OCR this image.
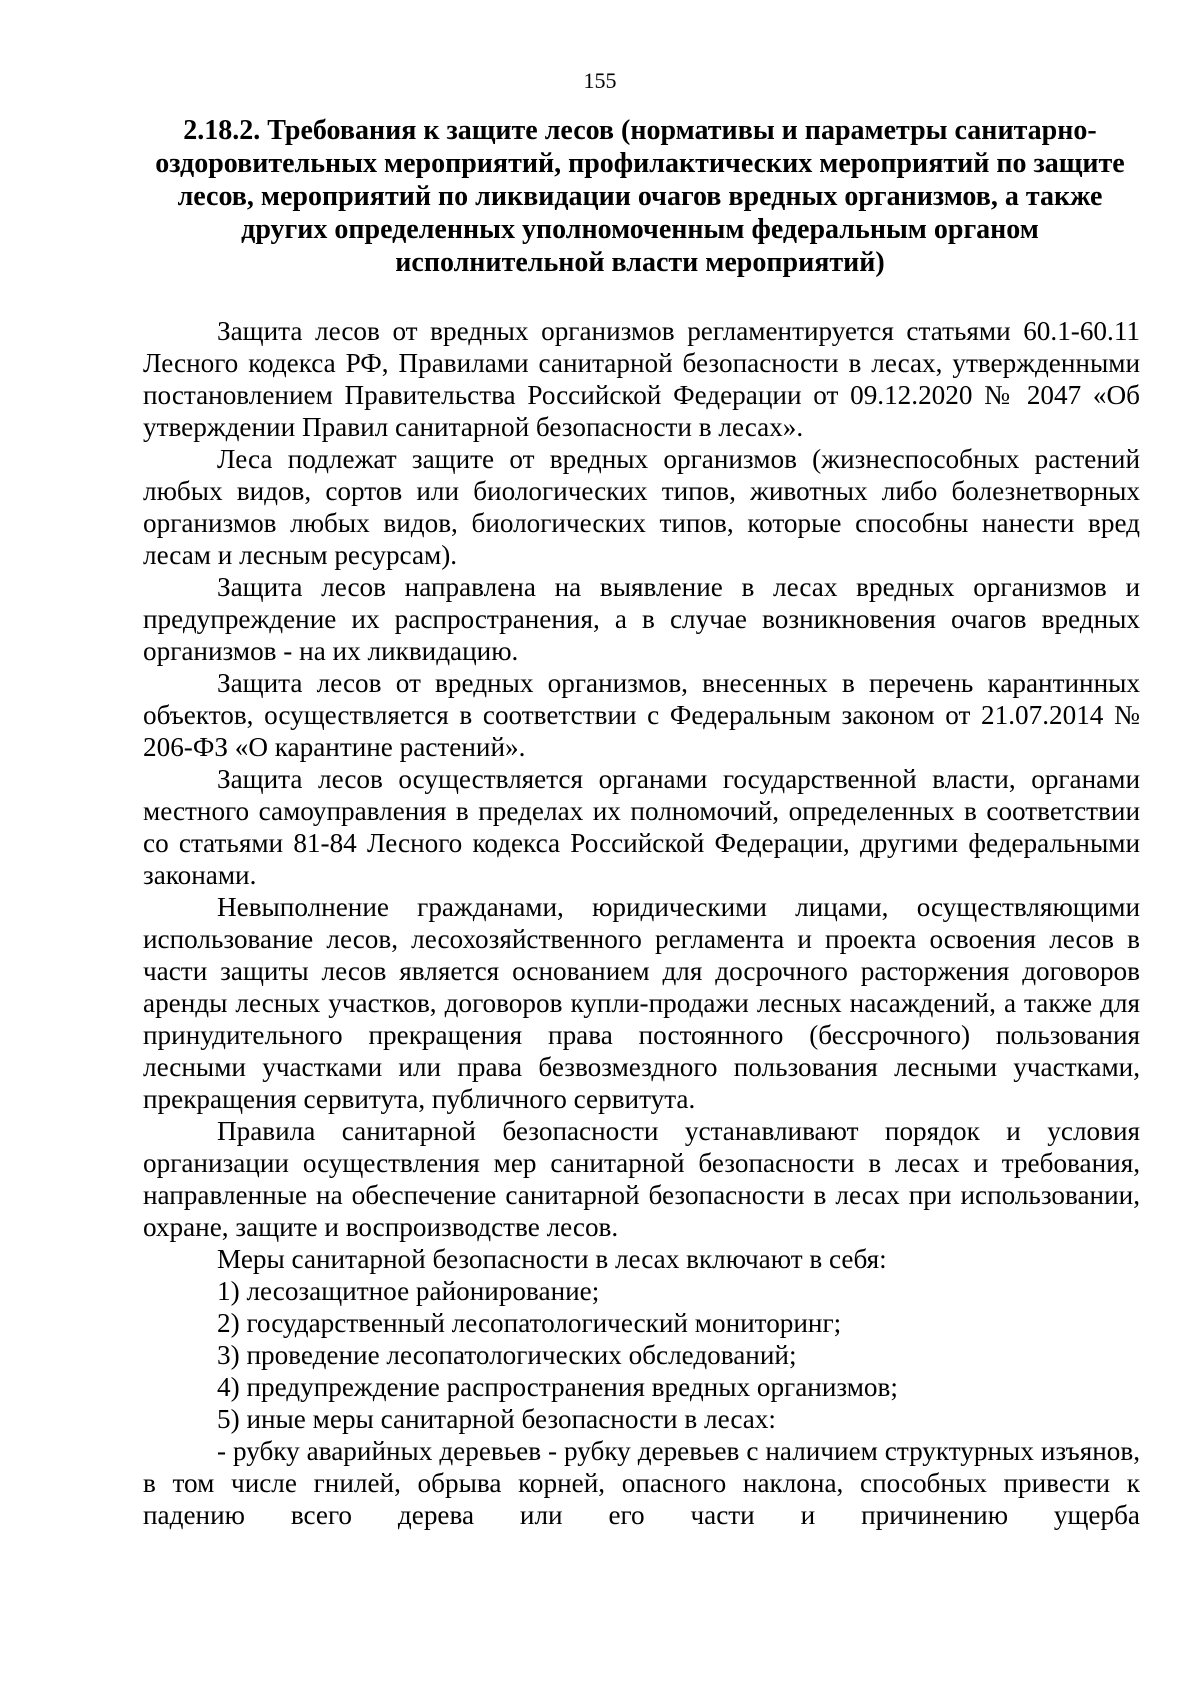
155
2.18.2. Требования к защите лесов (нормативы и параметры санитарно-
оздоровительных мероприятий, профилактических мероприятий по защите
лесов, мероприятий по ликвидации очагов вредных организмов, а также
других определенных уполномоченным федеральным органом
исполнительной власти мероприятий)

Защита лесов от вредных организмов регламентируется статьями 60.1-60.11 Лесного кодекса РФ, Правилами санитарной безопасности в лесах, утвержденными постановлением Правительства Российской Федерации от 09.12.2020 № 2047 «Об утверждении Правил санитарной безопасности в лесах».

Леса подлежат защите от вредных организмов (жизнеспособных растений любых видов, сортов или биологических типов, животных либо болезнетворных организмов любых видов, биологических типов, которые способны нанести вред лесам и лесным ресурсам).

Защита лесов направлена на выявление в лесах вредных организмов и предупреждение их распространения, а в случае возникновения очагов вредных организмов - на их ликвидацию.

Защита лесов от вредных организмов, внесенных в перечень карантинных объектов, осуществляется в соответствии с Федеральным законом от 21.07.2014 № 206-ФЗ «О карантине растений».

Защита лесов осуществляется органами государственной власти, органами местного самоуправления в пределах их полномочий, определенных в соответствии со статьями 81-84 Лесного кодекса Российской Федерации, другими федеральными законами.

Невыполнение гражданами, юридическими лицами, осуществляющими использование лесов, лесохозяйственного регламента и проекта освоения лесов в части защиты лесов является основанием для досрочного расторжения договоров аренды лесных участков, договоров купли-продажи лесных насаждений, а также для принудительного прекращения права постоянного (бессрочного) пользования лесными участками или права безвозмездного пользования лесными участками, прекращения сервитута, публичного сервитута.

Правила санитарной безопасности устанавливают порядок и условия организации осуществления мер санитарной безопасности в лесах и требования, направленные на обеспечение санитарной безопасности в лесах при использовании, охране, защите и воспроизводстве лесов.

Меры санитарной безопасности в лесах включают в себя:

1) лесозащитное районирование;

2) государственный лесопатологический мониторинг;

3) проведение лесопатологических обследований;

4) предупреждение распространения вредных организмов;

5) иные меры санитарной безопасности в лесах:

- рубку аварийных деревьев - рубку деревьев с наличием структурных изъянов, в том числе гнилей, обрыва корней, опасного наклона, способных привести к падению всего дерева или его части и причинению ущерба
